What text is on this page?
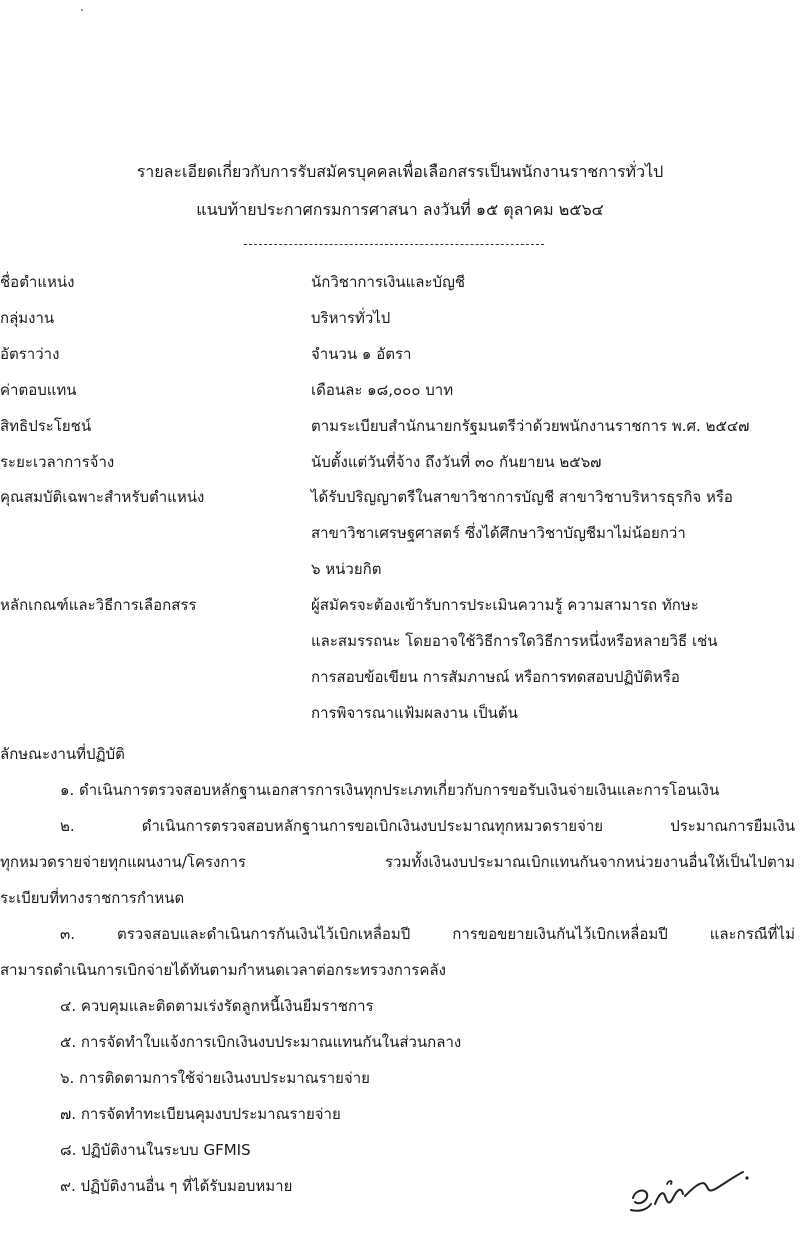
รายละเอียดเกี่ยวกับการรับสมัครบุคคลเพื่อเลือกสรรเป็นพนักงานราชการทั่วไป
แนบท้ายประกาศกรมการศาสนา ลงวันที่ ๑๕ ตุลาคม ๒๕๖๔
ชื่อตำแหน่ง	นักวิชาการเงินและบัญชี
กลุ่มงาน	บริหารทั่วไป
อัตราว่าง	จำนวน ๑ อัตรา
ค่าตอบแทน	เดือนละ ๑๘,๐๐๐ บาท
สิทธิประโยชน์	ตามระเบียบสำนักนายกรัฐมนตรีว่าด้วยพนักงานราชการ พ.ศ. ๒๕๔๗
ระยะเวลาการจ้าง	นับตั้งแต่วันที่จ้าง ถึงวันที่ ๓๐ กันยายน ๒๕๖๗
คุณสมบัติเฉพาะสำหรับตำแหน่ง	ได้รับปริญญาตรีในสาขาวิชาการบัญชี สาขาวิชาบริหารธุรกิจ หรือ
สาขาวิชาเศรษฐศาสตร์ ซึ่งได้ศึกษาวิชาบัญชีมาไม่น้อยกว่า
๖ หน่วยกิต
หลักเกณฑ์และวิธีการเลือกสรร	ผู้สมัครจะต้องเข้ารับการประเมินความรู้ ความสามารถ ทักษะ
และสมรรถนะ โดยอาจใช้วิธีการใดวิธีการหนึ่งหรือหลายวิธี เช่น
การสอบข้อเขียน การสัมภาษณ์ หรือการทดสอบปฏิบัติหรือ
การพิจารณาแฟ้มผลงาน เป็นต้น
ลักษณะงานที่ปฏิบัติ
๑. ดำเนินการตรวจสอบหลักฐานเอกสารการเงินทุกประเภทเกี่ยวกับการขอรับเงินจ่ายเงินและการโอนเงิน
๒. ดำเนินการตรวจสอบหลักฐานการขอเบิกเงินงบประมาณทุกหมวดรายจ่าย ประมาณการยืมเงิน
ทุกหมวดรายจ่ายทุกแผนงาน/โครงการ รวมทั้งเงินงบประมาณเบิกแทนกันจากหน่วยงานอื่นให้เป็นไปตาม
ระเบียบที่ทางราชการกำหนด
๓. ตรวจสอบและดำเนินการกันเงินไว้เบิกเหลื่อมปี การขอขยายเงินกันไว้เบิกเหลื่อมปี และกรณีที่ไม่
สามารถดำเนินการเบิกจ่ายได้ทันตามกำหนดเวลาต่อกระทรวงการคลัง
๔. ควบคุมและติดตามเร่งรัดลูกหนี้เงินยืมราชการ
๕. การจัดทำใบแจ้งการเบิกเงินงบประมาณแทนกันในส่วนกลาง
๖. การติดตามการใช้จ่ายเงินงบประมาณรายจ่าย
๗. การจัดทำทะเบียนคุมงบประมาณรายจ่าย
๘. ปฏิบัติงานในระบบ GFMIS
๙. ปฏิบัติงานอื่น ๆ ที่ได้รับมอบหมาย
